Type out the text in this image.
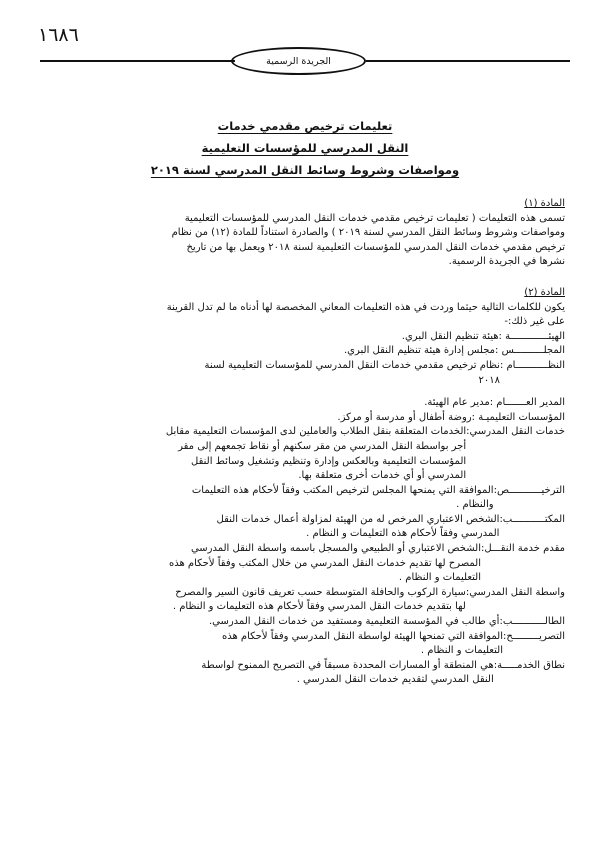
١٦٨٦
الجريدة الرسمية
تعليمات ترخيص مقدمي خدمات
النقل المدرسي للمؤسسات التعليمية
ومواصفات وشروط وسائط النقل المدرسي لسنة ٢٠١٩
المادة (١)
تسمى هذه التعليمات ( تعليمات ترخيص مقدمي خدمات النقل المدرسي للمؤسسات التعليمية
ومواصفات وشروط وسائط النقل المدرسي لسنة ٢٠١٩ ) والصادرة استناداً للمادة (١٢) من نظام
ترخيص مقدمي خدمات النقل المدرسي للمؤسسات التعليمية لسنة ٢٠١٨ ويعمل بها من تاريخ
نشرها في الجريدة الرسمية.
المادة (٢)
يكون للكلمات التالية حيثما وردت في هذه التعليمات المعاني المخصصة لها أدناه ما لم تدل القرينة
على غير ذلك:-
الهيئـــــــــــــة :
هيئة تنظيم النقل البري.
المجلــــــــــس :
مجلس إدارة هيئة تنظيم النقل البري.
النظـــــــــــام :
نظام ترخيص مقدمي خدمات النقل المدرسي للمؤسسات التعليمية لسنة
٢٠١٨
المدير العـــــــام :
مدير عام الهيئة.
المؤسسات التعليميـة :
روضة أطفال أو مدرسة أو مركز.
خدمات النقل المدرسي:
الخدمات المتعلقة بنقل الطلاب والعاملين لدى المؤسسات التعليمية مقابل
أجر بواسطة النقل المدرسي من مقر سكنهم أو نقاط تجمعهم إلى مقر
المؤسسات التعليمية وبالعكس وإدارة وتنظيم وتشغيل وسائط النقل
المدرسي أو أي خدمات أخرى متعلقة بها.
الترخيـــــــــــص:
الموافقة التي يمنحها المجلس لترخيص المكتب وفقاً لأحكام هذه التعليمات
والنظام .
المكتـــــــــــب:
الشخص الاعتباري المرخص له من الهيئة لمزاولة أعمال خدمات النقل
المدرسي وفقاً لأحكام هذه التعليمات و النظام .
مقدم خدمة النقـــل:
الشخص الاعتباري أو الطبيعي والمسجل باسمه واسطة النقل المدرسي
المصرح لها تقديم خدمات النقل المدرسي من خلال المكتب وفقاً لأحكام هذه
التعليمات و النظام .
واسطة النقل المدرسي:
سيارة الركوب والحافلة المتوسطة حسب تعريف قانون السير والمصرح
لها بتقديم خدمات النقل المدرسي وفقاً لأحكام هذه التعليمات و النظام .
الطالـــــــــــب:
أي طالب في المؤسسة التعليمية ومستفيد من خدمات النقل المدرسي.
التصريـــــــــح:
الموافقة التي تمنحها الهيئة لواسطة النقل المدرسي وفقاً لأحكام هذه
التعليمات و النظام .
نطاق الخدمـــــة:
هي المنطقة أو المسارات المحددة مسبقاً في التصريح الممنوح لواسطة
النقل المدرسي لتقديم خدمات النقل المدرسي .
